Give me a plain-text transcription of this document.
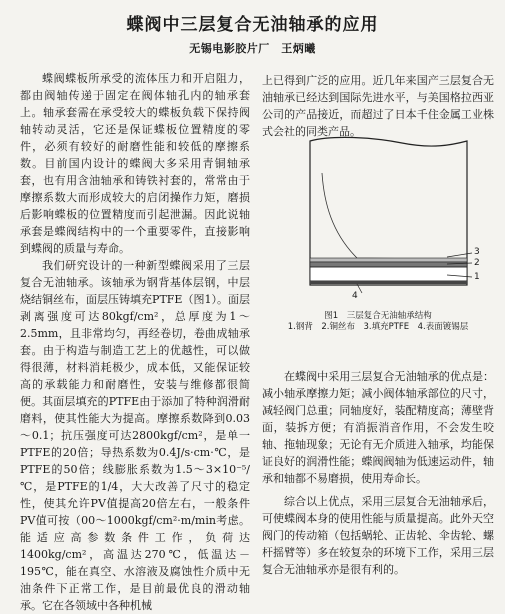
蝶阀中三层复合无油轴承的应用
无锡电影胶片厂　王炳曦

蝶阀蝶板所承受的流体压力和开启阻力，都由阀轴传递于固定在阀体轴孔内的轴承套上。轴承套需在承受较大的蝶板负载下保持阀轴转动灵活，它还是保证蝶板位置精度的零件，必须有较好的耐磨性能和较低的摩擦系数。目前国内设计的蝶阀大多采用青铜轴承套，也有用含油轴承和铸铁衬套的，常常由于摩擦系数大而形成较大的启闭操作力矩，磨损后影响蝶板的位置精度而引起泄漏。因此说轴承套是蝶阀结构中的一个重要零件，直接影响到蝶阀的质量与寿命。

我们研究设计的一种新型蝶阀采用了三层复合无油轴承。该轴承为钢背基体层钢，中层烧结铜丝布，面层压铸填充PTFE（图1）。面层剥离强度可达80kgf/cm²，总厚度为1～2.5mm，且非常均匀，再经卷切，卷曲成轴承套。由于构造与制造工艺上的优越性，可以做得很薄，材料消耗极少，成本低，又能保证较高的承载能力和耐磨性，安装与维修都很简便。其面层填充的PTFE由于添加了特种润滑耐磨料，使其性能大为提高。摩擦系数降到0.03～0.1；抗压强度可达2800kgf/cm²，是单一PTFE的20倍；导热系数为0.4J/s·cm·℃，是PTFE的50倍；线膨胀系数为1.5～3×10⁻⁵/℃，是PTFE的1/4，大大改善了尺寸的稳定性，使其允许PV值提高20倍左右，一般条件PV值可按（00～1000kgf/cm²·m/min考虑。能适应高参数条件工作，负荷达1400kg/cm²，高温达270℃，低温达－195℃，能在真空、水溶液及腐蚀性介质中无油条件下正常工作，是目前最优良的滑动轴承。它在各领域中各种机械

上已得到广泛的应用。近几年来国产三层复合无油轴承已经达到国际先进水平，与美国格拉西亚公司的产品接近，而超过了日本千住金属工业株式会社的同类产品。

3
2
1
4
图1　三层复合无油轴承结构
1.钢背　2.铜丝布　3.填充PTFE　4.表面镀锡层

在蝶阀中采用三层复合无油轴承的优点是：减小轴承摩擦力矩；减小阀体轴承部位的尺寸，减轻阀门总重；同轴度好，装配精度高；薄壁背面，装拆方便；有消振消音作用，不会发生咬轴、拖轴现象；无论有无介质进入轴承，均能保证良好的润滑性能；蝶阀阀轴为低速运动件，轴承和轴都不易磨损，使用寿命长。

综合以上优点，采用三层复合无油轴承后，可使蝶阀本身的使用性能与质量提高。此外天空阀门的传动箱（包括蜗轮、正齿轮、伞齿轮、螺杆摇臂等）多在较复杂的环境下工作，采用三层复合无油轴承亦是很有利的。
